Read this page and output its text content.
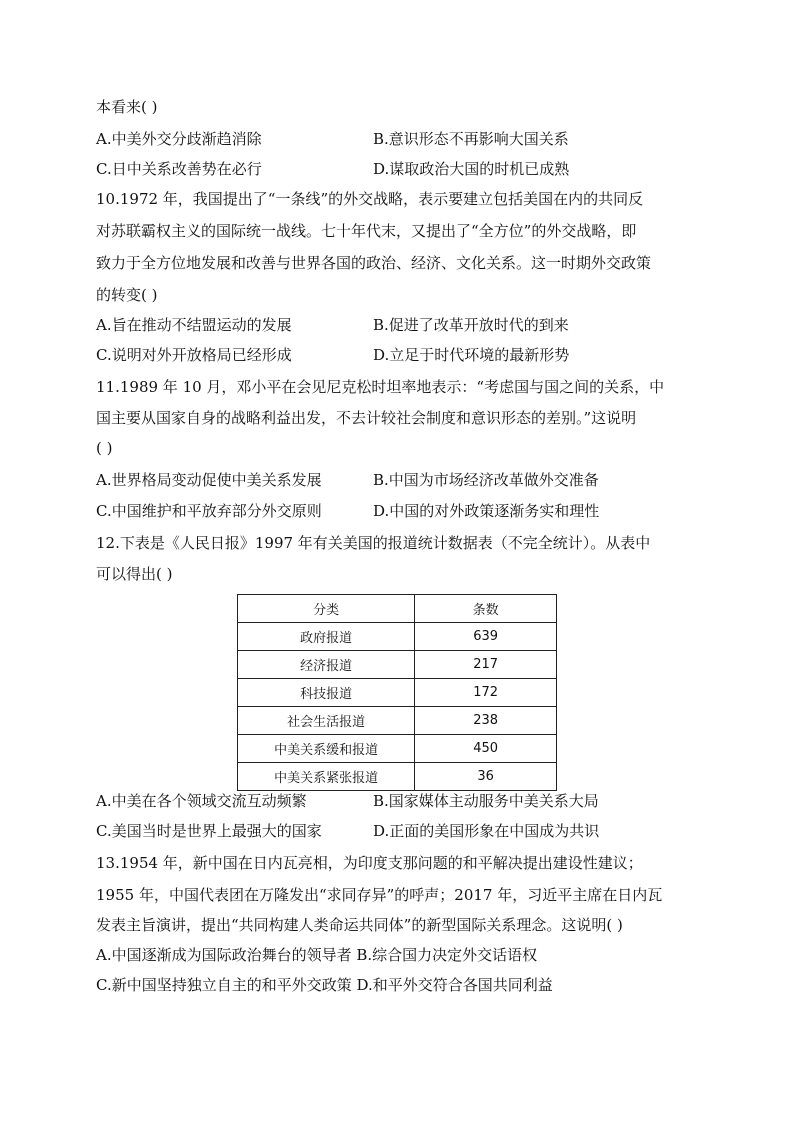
本看来( )
A.中美外交分歧渐趋消除	B.意识形态不再影响大国关系
C.日中关系改善势在必行	D.谋取政治大国的时机已成熟
10.1972 年，我国提出了“一条线”的外交战略，表示要建立包括美国在内的共同反
对苏联霸权主义的国际统一战线。七十年代末，又提出了“全方位”的外交战略，即
致力于全方位地发展和改善与世界各国的政治、经济、文化关系。这一时期外交政策
的转变( )
A.旨在推动不结盟运动的发展	B.促进了改革开放时代的到来
C.说明对外开放格局已经形成	D.立足于时代环境的最新形势
11.1989 年 10 月，邓小平在会见尼克松时坦率地表示：“考虑国与国之间的关系，中
国主要从国家自身的战略利益出发，不去计较社会制度和意识形态的差别。”这说明
( )
A.世界格局变动促使中美关系发展	B.中国为市场经济改革做外交准备
C.中国维护和平放弃部分外交原则	D.中国的对外政策逐渐务实和理性
12.下表是《人民日报》1997 年有关美国的报道统计数据表（不完全统计）。从表中
可以得出( )
分类	条数
政府报道	639
经济报道	217
科技报道	172
社会生活报道	238
中美关系缓和报道	450
中美关系紧张报道	36
A.中美在各个领域交流互动频繁	B.国家媒体主动服务中美关系大局
C.美国当时是世界上最强大的国家	D.正面的美国形象在中国成为共识
13.1954 年，新中国在日内瓦亮相，为印度支那问题的和平解决提出建设性建议；
1955 年，中国代表团在万隆发出“求同存异”的呼声；2017 年，习近平主席在日内瓦
发表主旨演讲，提出“共同构建人类命运共同体”的新型国际关系理念。这说明( )
A.中国逐渐成为国际政治舞台的领导者 B.综合国力决定外交话语权
C.新中国坚持独立自主的和平外交政策 D.和平外交符合各国共同利益
